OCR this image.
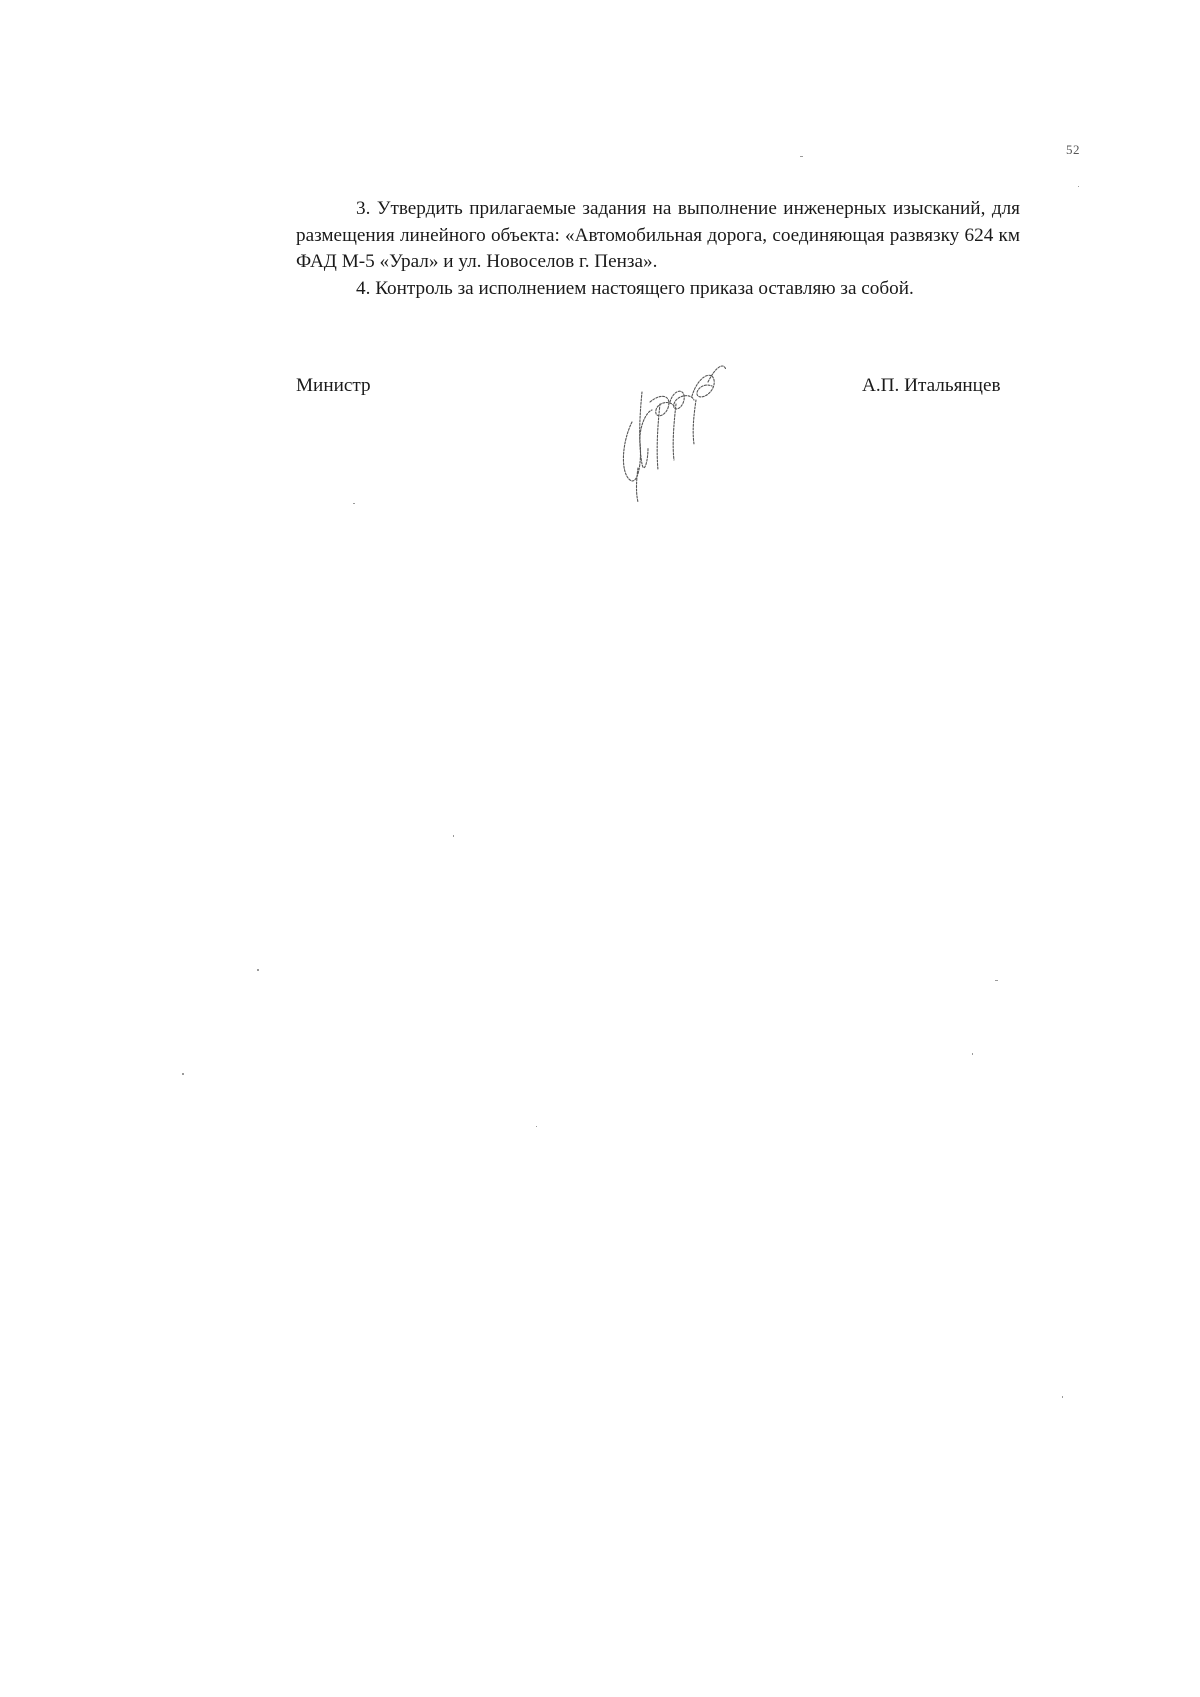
52

3. Утвердить прилагаемые задания на выполнение инженерных изысканий, для размещения линейного объекта: «Автомобильная дорога, соединяющая развязку 624 км ФАД М-5 «Урал» и ул. Новоселов г. Пенза».

4. Контроль за исполнением настоящего приказа оставляю за собой.

Министр	А.П. Итальянцев
